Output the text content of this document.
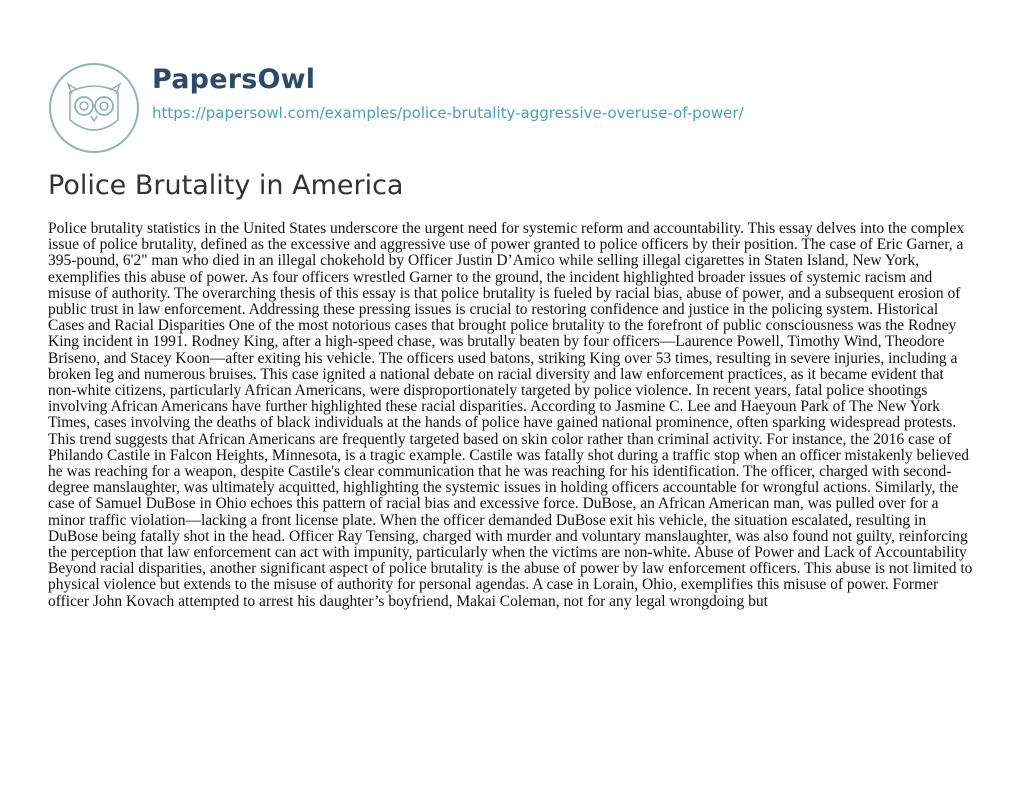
PapersOwl
https://papersowl.com/examples/police-brutality-aggressive-overuse-of-power/
Police Brutality in America

Police brutality statistics in the United States underscore the urgent need for systemic reform and accountability. This essay delves into the complex issue of police brutality, defined as the excessive and aggressive use of power granted to police officers by their position. The case of Eric Garner, a 395-pound, 6'2" man who died in an illegal chokehold by Officer Justin D’Amico while selling illegal cigarettes in Staten Island, New York, exemplifies this abuse of power. As four officers wrestled Garner to the ground, the incident highlighted broader issues of systemic racism and misuse of authority. The overarching thesis of this essay is that police brutality is fueled by racial bias, abuse of power, and a subsequent erosion of public trust in law enforcement. Addressing these pressing issues is crucial to restoring confidence and justice in the policing system. Historical Cases and Racial Disparities One of the most notorious cases that brought police brutality to the forefront of public consciousness was the Rodney King incident in 1991. Rodney King, after a high-speed chase, was brutally beaten by four officers—Laurence Powell, Timothy Wind, Theodore Briseno, and Stacey Koon—after exiting his vehicle. The officers used batons, striking King over 53 times, resulting in severe injuries, including a broken leg and numerous bruises. This case ignited a national debate on racial diversity and law enforcement practices, as it became evident that non-white citizens, particularly African Americans, were disproportionately targeted by police violence. In recent years, fatal police shootings involving African Americans have further highlighted these racial disparities. According to Jasmine C. Lee and Haeyoun Park of The New York Times, cases involving the deaths of black individuals at the hands of police have gained national prominence, often sparking widespread protests. This trend suggests that African Americans are frequently targeted based on skin color rather than criminal activity. For instance, the 2016 case of Philando Castile in Falcon Heights, Minnesota, is a tragic example. Castile was fatally shot during a traffic stop when an officer mistakenly believed he was reaching for a weapon, despite Castile's clear communication that he was reaching for his identification. The officer, charged with second-degree manslaughter, was ultimately acquitted, highlighting the systemic issues in holding officers accountable for wrongful actions. Similarly, the case of Samuel DuBose in Ohio echoes this pattern of racial bias and excessive force. DuBose, an African American man, was pulled over for a minor traffic violation—lacking a front license plate. When the officer demanded DuBose exit his vehicle, the situation escalated, resulting in DuBose being fatally shot in the head. Officer Ray Tensing, charged with murder and voluntary manslaughter, was also found not guilty, reinforcing the perception that law enforcement can act with impunity, particularly when the victims are non-white. Abuse of Power and Lack of Accountability Beyond racial disparities, another significant aspect of police brutality is the abuse of power by law enforcement officers. This abuse is not limited to physical violence but extends to the misuse of authority for personal agendas. A case in Lorain, Ohio, exemplifies this misuse of power. Former officer John Kovach attempted to arrest his daughter’s boyfriend, Makai Coleman, not for any legal wrongdoing but
